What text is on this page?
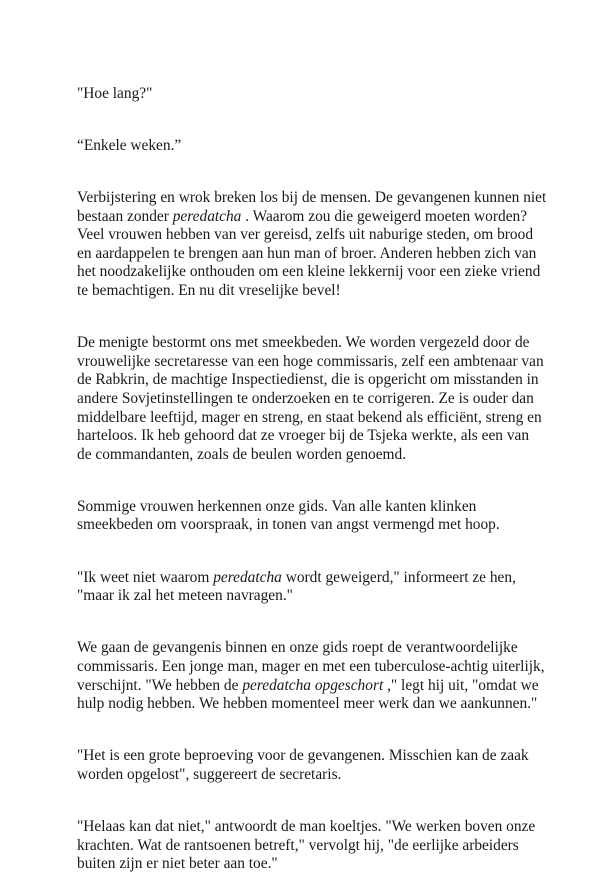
"Hoe lang?"

“Enkele weken.”

Verbijstering en wrok breken los bij de mensen. De gevangenen kunnen niet
bestaan zonder peredatcha . Waarom zou die geweigerd moeten worden?
Veel vrouwen hebben van ver gereisd, zelfs uit naburige steden, om brood
en aardappelen te brengen aan hun man of broer. Anderen hebben zich van
het noodzakelijke onthouden om een kleine lekkernij voor een zieke vriend
te bemachtigen. En nu dit vreselijke bevel!

De menigte bestormt ons met smeekbeden. We worden vergezeld door de
vrouwelijke secretaresse van een hoge commissaris, zelf een ambtenaar van
de Rabkrin, de machtige Inspectiedienst, die is opgericht om misstanden in
andere Sovjetinstellingen te onderzoeken en te corrigeren. Ze is ouder dan
middelbare leeftijd, mager en streng, en staat bekend als efficiënt, streng en
harteloos. Ik heb gehoord dat ze vroeger bij de Tsjeka werkte, als een van
de commandanten, zoals de beulen worden genoemd.

Sommige vrouwen herkennen onze gids. Van alle kanten klinken
smeekbeden om voorspraak, in tonen van angst vermengd met hoop.

"Ik weet niet waarom peredatcha wordt geweigerd," informeert ze hen,
"maar ik zal het meteen navragen."

We gaan de gevangenis binnen en onze gids roept de verantwoordelijke
commissaris. Een jonge man, mager en met een tuberculose-achtig uiterlijk,
verschijnt. "We hebben de peredatcha opgeschort ," legt hij uit, "omdat we
hulp nodig hebben. We hebben momenteel meer werk dan we aankunnen."

"Het is een grote beproeving voor de gevangenen. Misschien kan de zaak
worden opgelost", suggereert de secretaris.

"Helaas kan dat niet," antwoordt de man koeltjes. "We werken boven onze
krachten. Wat de rantsoenen betreft," vervolgt hij, "de eerlijke arbeiders
buiten zijn er niet beter aan toe."
